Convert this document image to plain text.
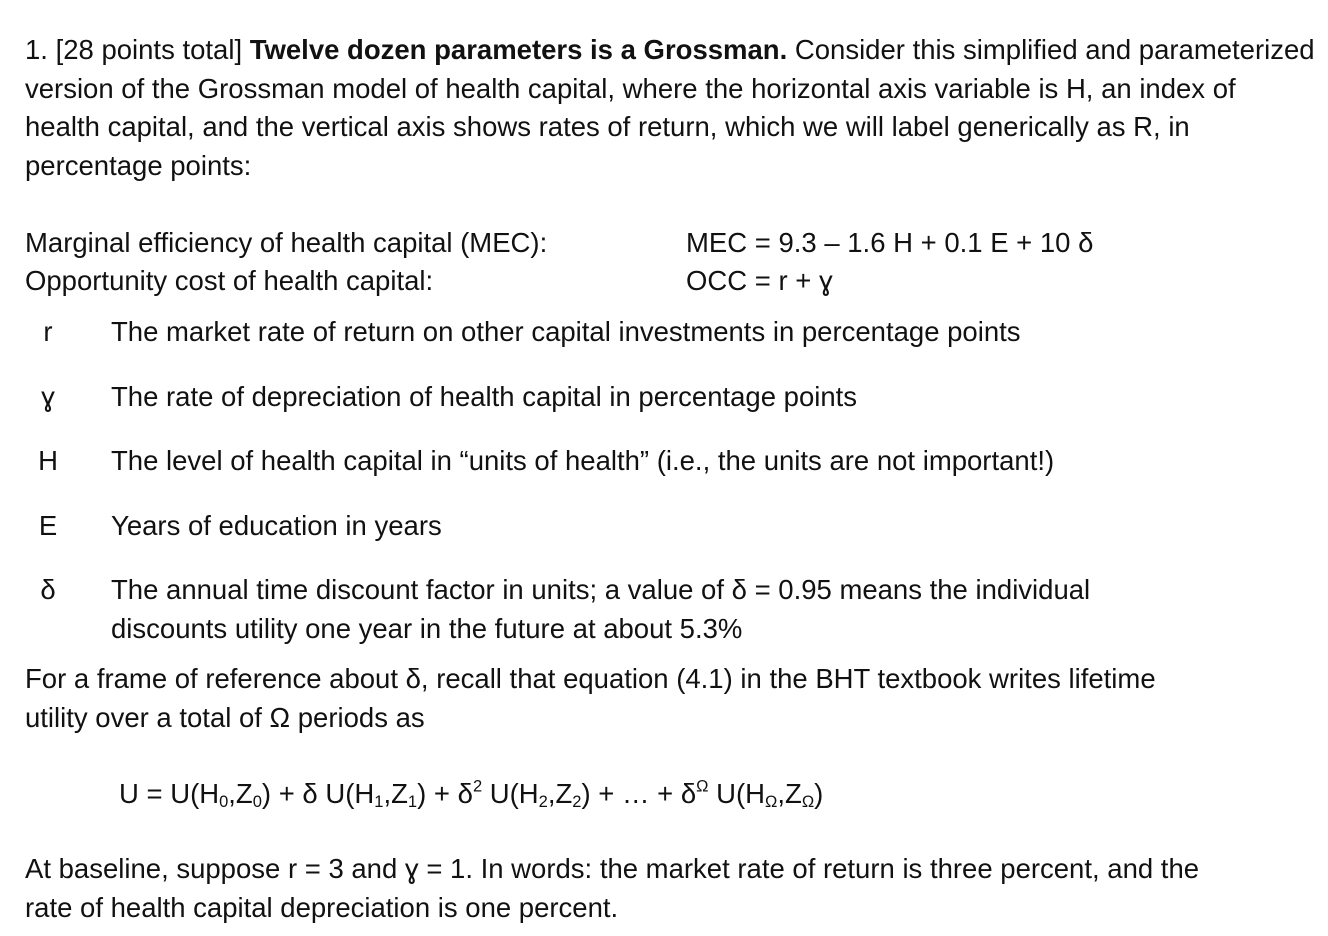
1. [28 points total] Twelve dozen parameters is a Grossman. Consider this simplified and parameterized version of the Grossman model of health capital, where the horizontal axis variable is H, an index of health capital, and the vertical axis shows rates of return, which we will label generically as R, in percentage points:

Marginal efficiency of health capital (MEC):	MEC = 9.3 – 1.6 H + 0.1 E + 10 δ
Opportunity cost of health capital:	OCC = r + ɣ
r The market rate of return on other capital investments in percentage points
ɣ The rate of depreciation of health capital in percentage points
H The level of health capital in “units of health” (i.e., the units are not important!)
E Years of education in years
δ The annual time discount factor in units; a value of δ = 0.95 means the individual discounts utility one year in the future at about 5.3%

For a frame of reference about δ, recall that equation (4.1) in the BHT textbook writes lifetime utility over a total of Ω periods as

$U = U(H_0,Z_0) + \delta$ $U(H_1,Z_1) + \delta^2$ $U(H_2,Z_2)$ + … + $\delta^\Omega$ $U(H_\Omega,Z_\Omega)$

At baseline, suppose r = 3 and ɣ = 1. In words: the market rate of return is three percent, and the rate of health capital depreciation is one percent.
